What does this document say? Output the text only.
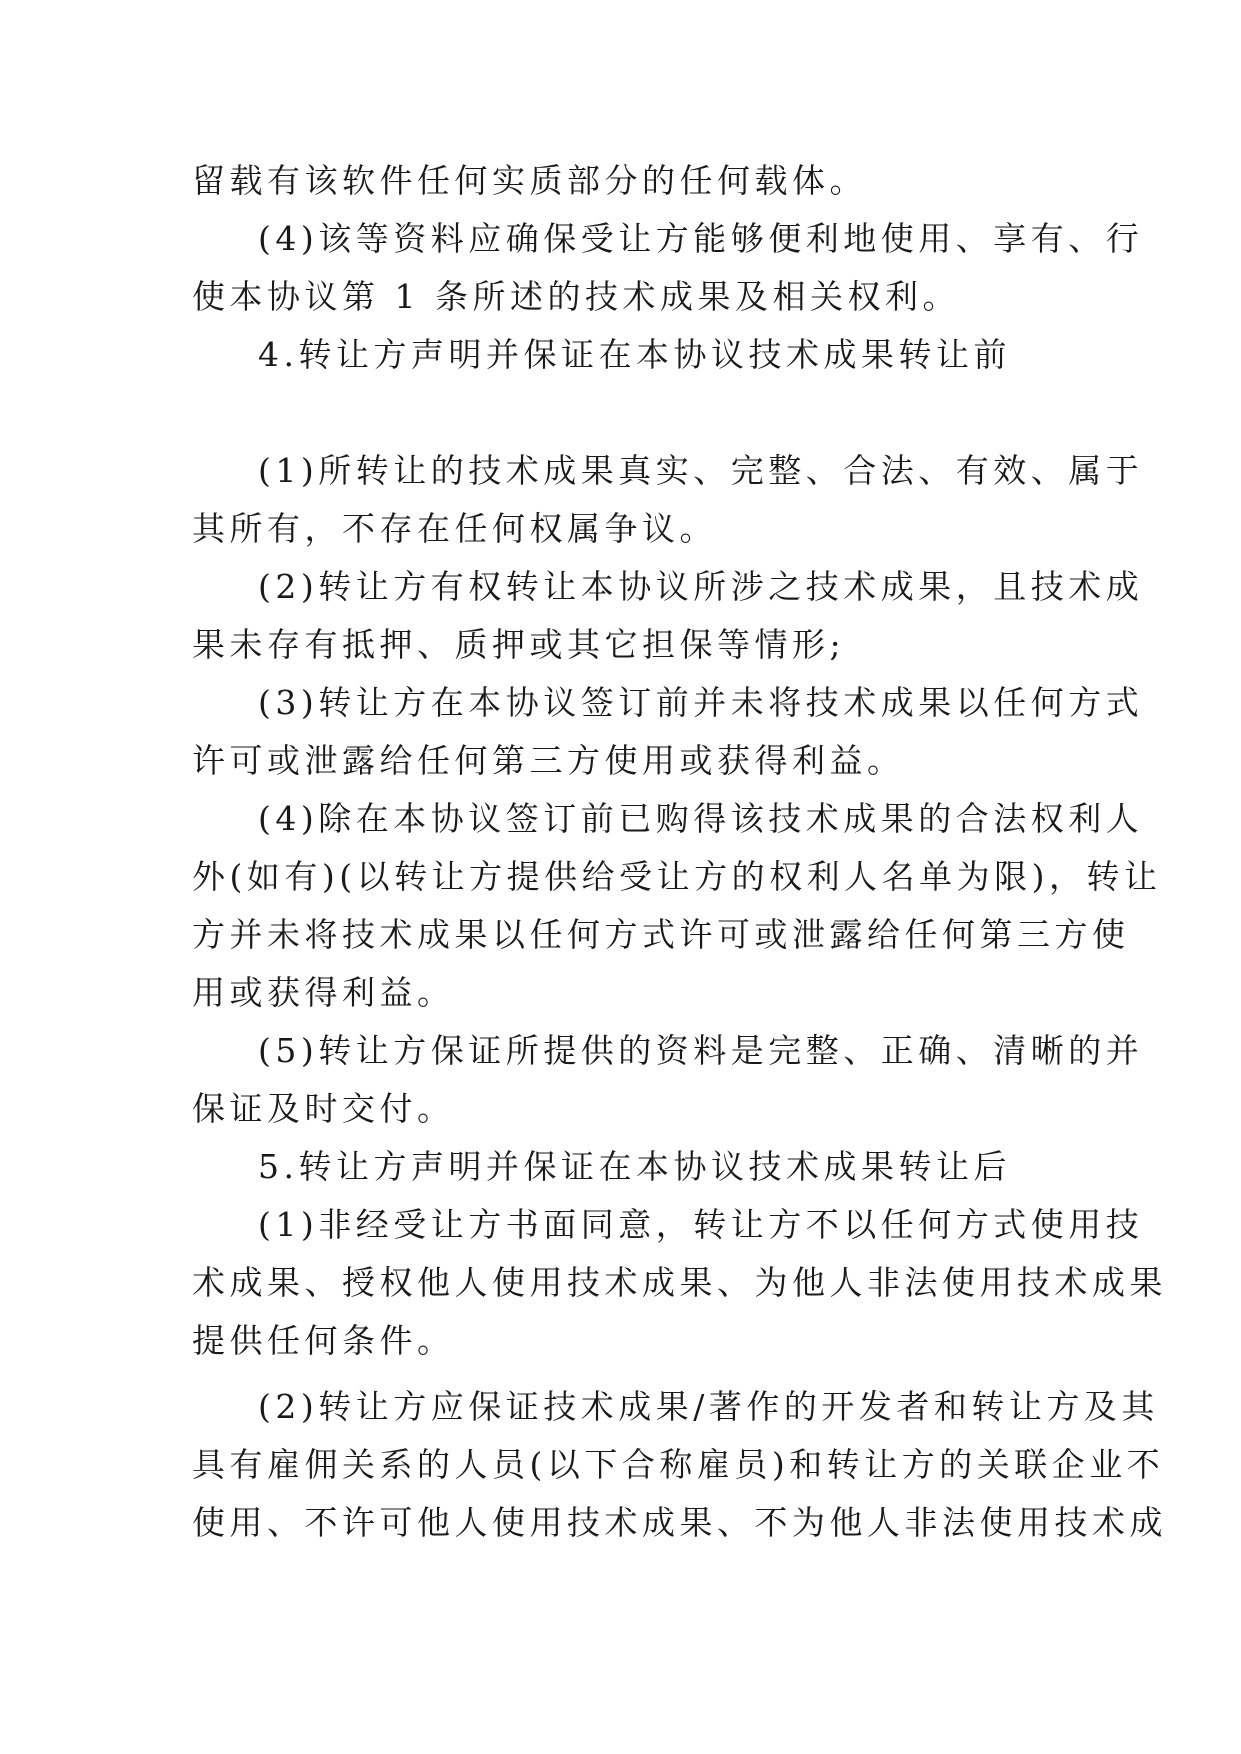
留载有该软件任何实质部分的任何载体。
(4)该等资料应确保受让方能够便利地使用、享有、行
使本协议第 1 条所述的技术成果及相关权利。
4.转让方声明并保证在本协议技术成果转让前
(1)所转让的技术成果真实、完整、合法、有效、属于
其所有，不存在任何权属争议。
(2)转让方有权转让本协议所涉之技术成果，且技术成
果未存有抵押、质押或其它担保等情形;
(3)转让方在本协议签订前并未将技术成果以任何方式
许可或泄露给任何第三方使用或获得利益。
(4)除在本协议签订前已购得该技术成果的合法权利人
外(如有)(以转让方提供给受让方的权利人名单为限)，转让
方并未将技术成果以任何方式许可或泄露给任何第三方使
用或获得利益。
(5)转让方保证所提供的资料是完整、正确、清晰的并
保证及时交付。
5.转让方声明并保证在本协议技术成果转让后
(1)非经受让方书面同意，转让方不以任何方式使用技
术成果、授权他人使用技术成果、为他人非法使用技术成果
提供任何条件。
(2)转让方应保证技术成果/著作的开发者和转让方及其
具有雇佣关系的人员(以下合称雇员)和转让方的关联企业不
使用、不许可他人使用技术成果、不为他人非法使用技术成
